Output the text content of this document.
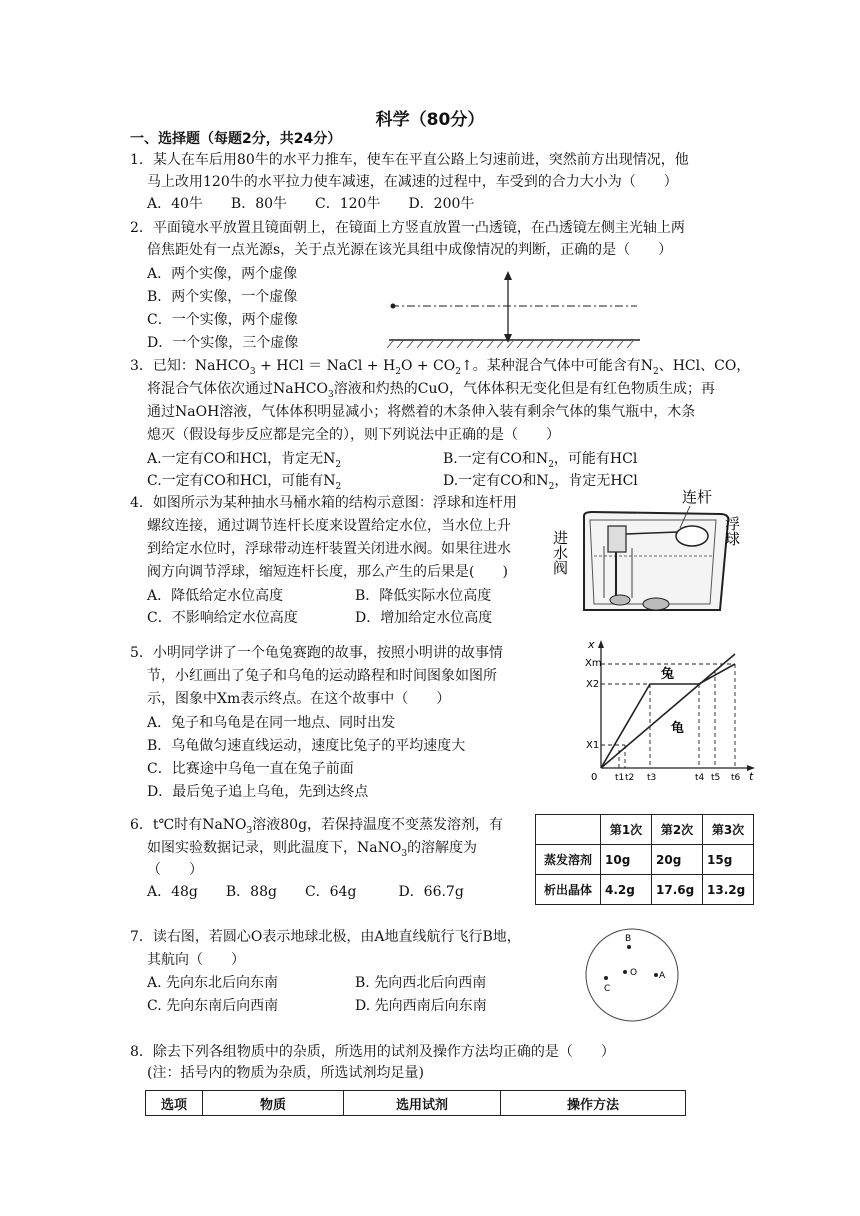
科学（80分）
一、选择题（每题2分，共24分）
1．某人在车后用80牛的水平力推车，使车在平直公路上匀速前进，突然前方出现情况，他
马上改用120牛的水平拉力使车减速，在减速的过程中，车受到的合力大小为（　　）
A．40牛　　B．80牛　　C．120牛　　D．200牛
2．平面镜水平放置且镜面朝上，在镜面上方竖直放置一凸透镜，在凸透镜左侧主光轴上两
倍焦距处有一点光源s，关于点光源在该光具组中成像情况的判断，正确的是（　　）
A．两个实像，两个虚像
B．两个实像，一个虚像
C．一个实像，两个虚像
D．一个实像，三个虚像
3．已知：NaHCO$_3$ + HCl ＝ NaCl + $H_2O$ + $CO_2↑$。某种混合气体中可能含有$N_2$、HCl、CO，
将混合气体依次通过NaHCO$_3$溶液和灼热的CuO，气体体积无变化但是有红色物质生成；再
通过NaOH溶液，气体体积明显减小；将燃着的木条伸入装有剩余气体的集气瓶中，木条
熄灭（假设每步反应都是完全的），则下列说法中正确的是（　　）
A.一定有CO和HCl，肯定无$N_2$	B.一定有CO和$N_2$，可能有HCl
C.一定有CO和HCl，可能有$N_2$	D.一定有CO和$N_2$，肯定无HCl
4．如图所示为某种抽水马桶水箱的结构示意图：浮球和连杆用
螺纹连接，通过调节连杆长度来设置给定水位，当水位上升
到给定水位时，浮球带动连杆装置关闭进水阀。如果往进水
阀方向调节浮球，缩短连杆长度，那么产生的后果是(　　)
A．降低给定水位高度	B．降低实际水位高度
C．不影响给定水位高度	D．增加给定水位高度
连杆
进水阀	浮球
5．小明同学讲了一个龟兔赛跑的故事，按照小明讲的故事情
节，小红画出了兔子和乌龟的运动路程和时间图象如图所
示，图象中Xm表示终点。在这个故事中（　　）
A．兔子和乌龟是在同一地点、同时出发
B．乌龟做匀速直线运动，速度比兔子的平均速度大
C．比赛途中乌龟一直在兔子前面
D．最后兔子追上乌龟，先到达终点
x
Xm
X2
X1
0 t1 t2 t3	t4 t5 t6 t
兔
龟
6．t℃时有NaNO$_3$溶液80g，若保持温度不变蒸发溶剂，有
如图实验数据记录，则此温度下，NaNO$_3$的溶解度为
（　　）
A．48g　　B．88g　　C．64g　　　D．66.7g
	第1次	第2次	第3次
蒸发溶剂	10g	20g	15g
析出晶体	4.2g	17.6g	13.2g
7．读右图，若圆心O表示地球北极，由A地直线航行飞行B地，
其航向（　　）
A. 先向东北后向东南	B. 先向西北后向西南
C. 先向东南后向西南	D. 先向西南后向东南
B
O A
C
8．除去下列各组物质中的杂质，所选用的试剂及操作方法均正确的是（　　）
(注：括号内的物质为杂质，所选试剂均足量)
选项	物质	选用试剂	操作方法
